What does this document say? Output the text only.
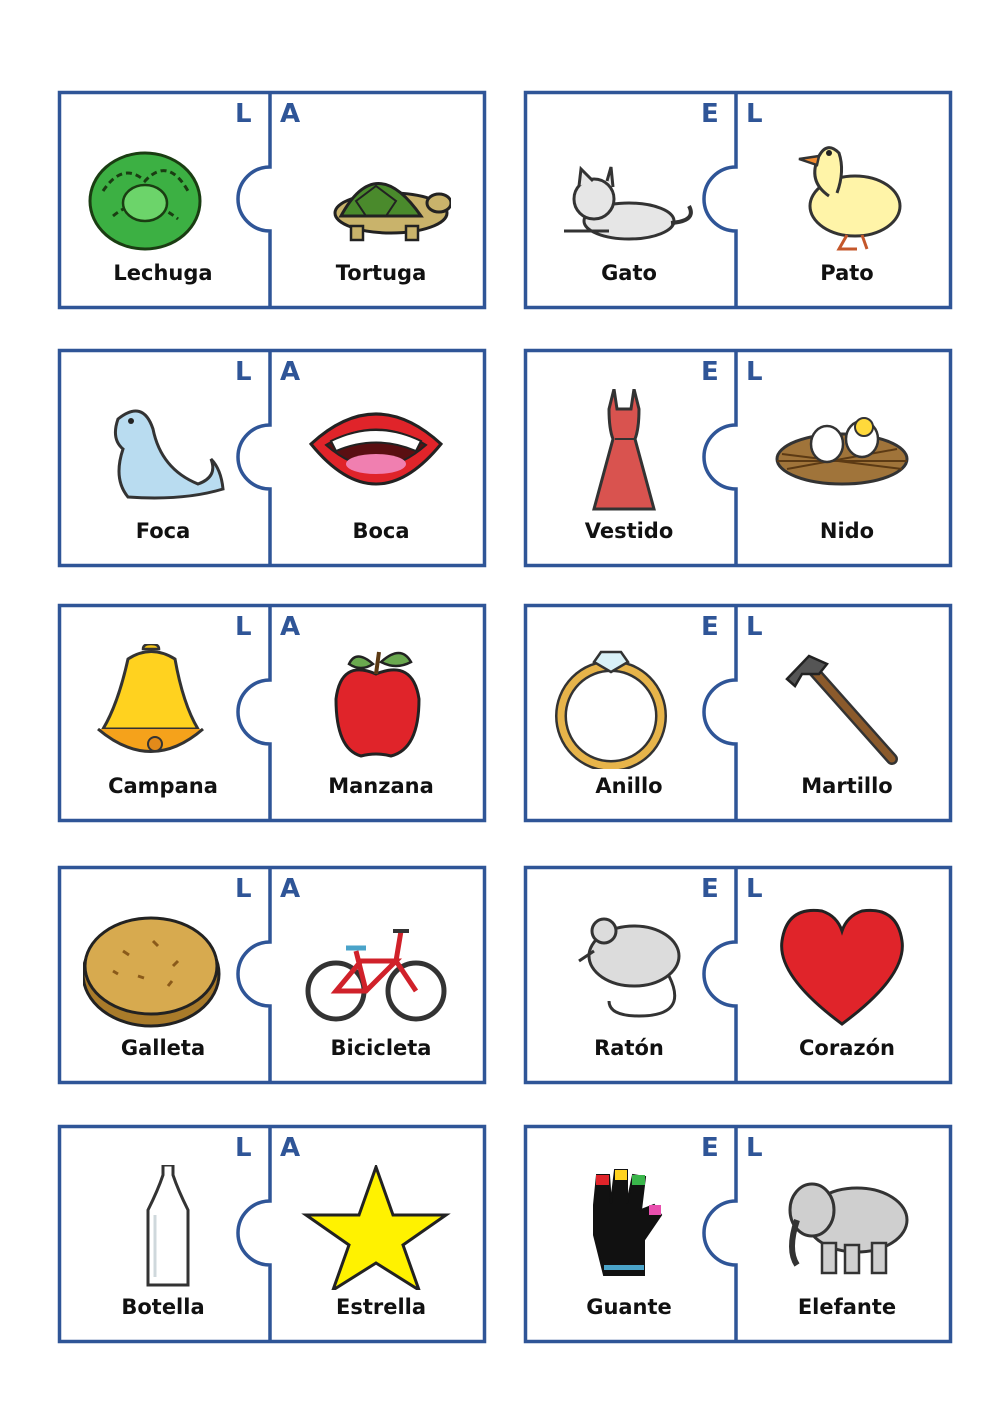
L A
Lechuga	Tortuga
E L
Gato	Pato
L A
Foca	Boca
E L
Vestido	Nido
L A
Campana	Manzana
E L
Anillo	Martillo
L A
Galleta	Bicicleta
E L
Ratón	Corazón
L A
Botella	Estrella
E L
Guante	Elefante
